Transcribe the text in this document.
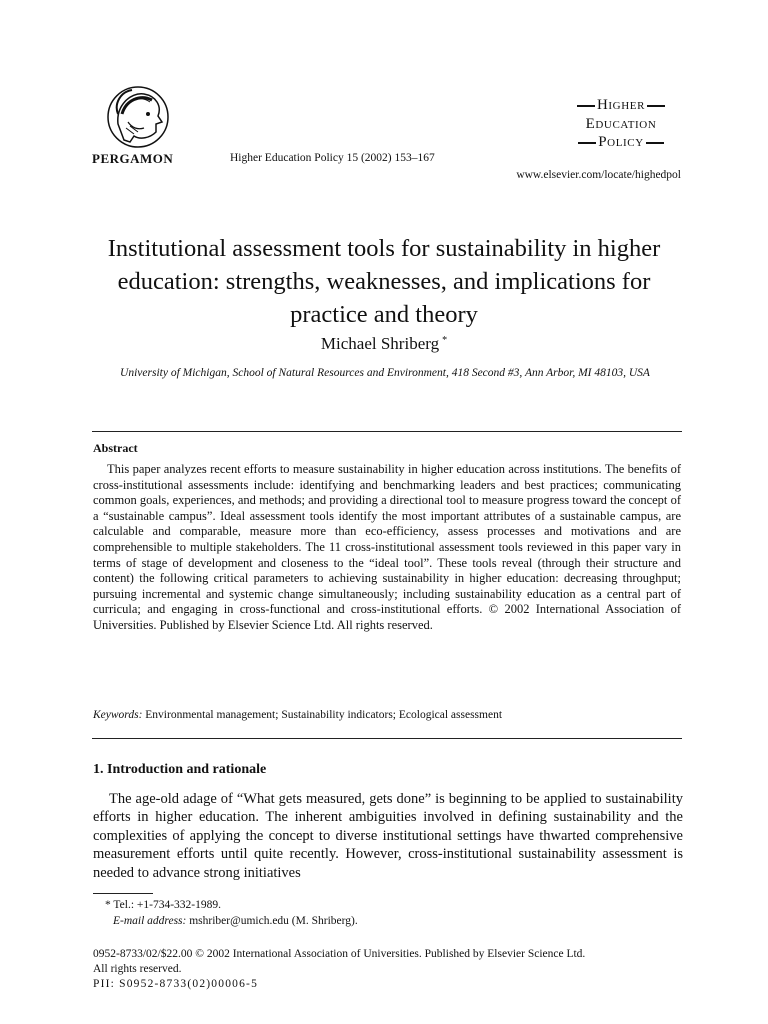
PERGAMON	Higher Education Policy 15 (2002) 153–167
Higher
Education
Policy
www.elsevier.com/locate/highedpol
Institutional assessment tools for sustainability in higher education: strengths, weaknesses, and implications for practice and theory
Michael Shriberg *
University of Michigan, School of Natural Resources and Environment, 418 Second #3, Ann Arbor, MI 48103, USA
Abstract

This paper analyzes recent efforts to measure sustainability in higher education across institutions. The benefits of cross-institutional assessments include: identifying and benchmarking leaders and best practices; communicating common goals, experiences, and methods; and providing a directional tool to measure progress toward the concept of a “sustainable campus”. Ideal assessment tools identify the most important attributes of a sustainable campus, are calculable and comparable, measure more than eco-efficiency, assess processes and motivations and are comprehensible to multiple stakeholders. The 11 cross-institutional assessment tools reviewed in this paper vary in terms of stage of development and closeness to the “ideal tool”. These tools reveal (through their structure and content) the following critical parameters to achieving sustainability in higher education: decreasing throughput; pursuing incremental and systemic change simultaneously; including sustainability education as a central part of curricula; and engaging in cross-functional and cross-institutional efforts. © 2002 International Association of Universities. Published by Elsevier Science Ltd. All rights reserved.

Keywords: Environmental management; Sustainability indicators; Ecological assessment
1. Introduction and rationale

The age-old adage of “What gets measured, gets done” is beginning to be applied to sustainability efforts in higher education. The inherent ambiguities involved in defining sustainability and the complexities of applying the concept to diverse institutional settings have thwarted comprehensive measurement efforts until quite recently. However, cross-institutional sustainability assessment is needed to advance strong initiatives

* Tel.: +1-734-332-1989.
E-mail address: mshriber@umich.edu (M. Shriberg).
0952-8733/02/$22.00 © 2002 International Association of Universities. Published by Elsevier Science Ltd.
All rights reserved.
PII: S0952-8733(02)00006-5
